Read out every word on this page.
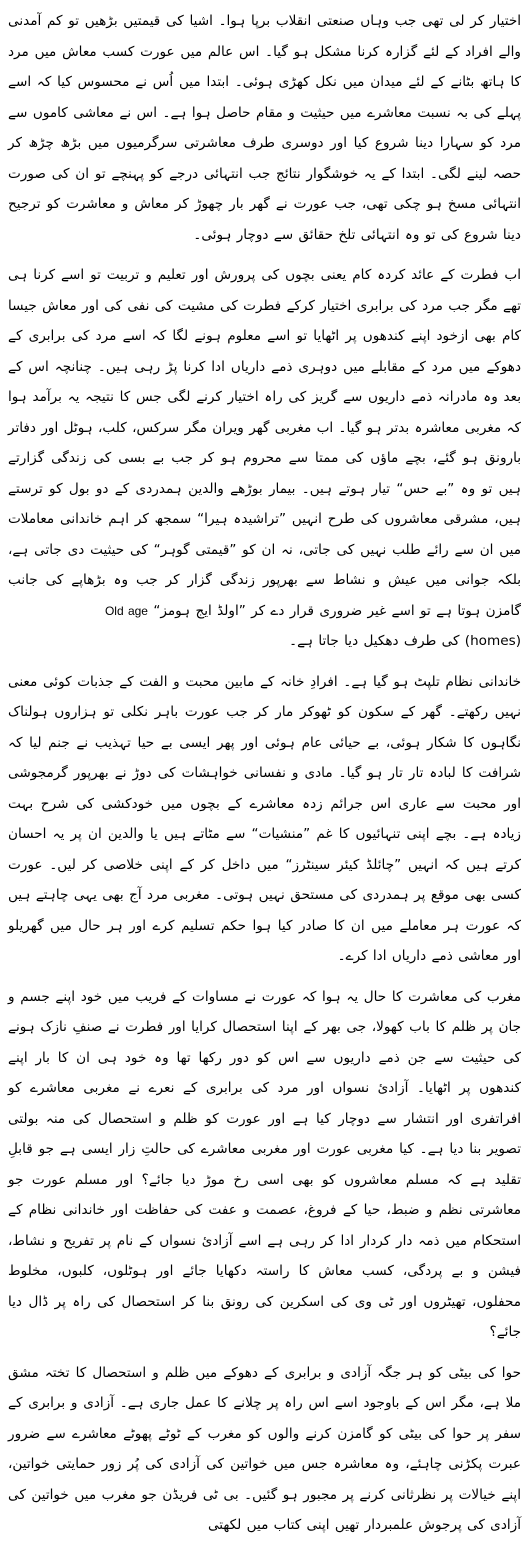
اختیار کر لی تھی جب وہاں صنعتی انقلاب برپا ہوا۔ اشیا کی قیمتیں بڑھیں تو کم آمدنی والے افراد کے لئے گزارہ کرنا مشکل ہو گیا۔ اس عالم میں عورت کسب معاش میں مرد کا ہاتھ بٹانے کے لئے میدان میں نکل کھڑی ہوئی۔ ابتدا میں اُس نے محسوس کیا کہ اسے پہلے کی بہ نسبت معاشرے میں حیثیت و مقام حاصل ہوا ہے۔ اس نے معاشی کاموں سے مرد کو سہارا دینا شروع کیا اور دوسری طرف معاشرتی سرگرمیوں میں بڑھ چڑھ کر حصہ لینے لگی۔ ابتدا کے یہ خوشگوار نتائج جب انتہائی درجے کو پہنچے تو ان کی صورت انتہائی مسخ ہو چکی تھی، جب عورت نے گھر بار چھوڑ کر معاش و معاشرت کو ترجیح دینا شروع کی تو وہ انتہائی تلخ حقائق سے دوچار ہوئی۔

اب فطرت کے عائد کردہ کام یعنی بچوں کی پرورش اور تعلیم و تربیت تو اسے کرنا ہی تھے مگر جب مرد کی برابری اختیار کرکے فطرت کی مشیت کی نفی کی اور معاش جیسا کام بھی ازخود اپنے کندھوں پر اٹھایا تو اسے معلوم ہونے لگا کہ اسے مرد کی برابری کے دھوکے میں مرد کے مقابلے میں دوہری ذمے داریاں ادا کرنا پڑ رہی ہیں۔ چنانچہ اس کے بعد وہ مادرانہ ذمے داریوں سے گریز کی راہ اختیار کرنے لگی جس کا نتیجہ یہ برآمد ہوا کہ مغربی معاشرہ بدتر ہو گیا۔ اب مغربی گھر ویران مگر سرکس، کلب، ہوٹل اور دفاتر بارونق ہو گئے، بچے ماؤں کی ممتا سے محروم ہو کر جب بے بسی کی زندگی گزارتے ہیں تو وہ ”بے حس“ تیار ہوتے ہیں۔ بیمار بوڑھے والدین ہمدردی کے دو بول کو ترستے ہیں، مشرقی معاشروں کی طرح انہیں ”تراشیدہ ہیرا“ سمجھ کر اہم خاندانی معاملات میں ان سے رائے طلب نہیں کی جاتی، نہ ان کو ”قیمتی گوہر“ کی حیثیت دی جاتی ہے، بلکہ جوانی میں عیش و نشاط سے بھرپور زندگی گزار کر جب وہ بڑھاپے کی جانب گامزن ہوتا ہے تو اسے غیر ضروری قرار دے کر ”اولڈ ایج ہومز“ Old age

(homes) کی طرف دھکیل دیا جاتا ہے۔

خاندانی نظام تلپٹ ہو گیا ہے۔ افرادِ خانہ کے مابین محبت و الفت کے جذبات کوئی معنی نہیں رکھتے۔ گھر کے سکون کو ٹھوکر مار کر جب عورت باہر نکلی تو ہزاروں ہولناک نگاہوں کا شکار ہوئی، بے حیائی عام ہوئی اور پھر ایسی بے حیا تہذیب نے جنم لیا کہ شرافت کا لبادہ تار تار ہو گیا۔ مادی و نفسانی خواہشات کی دوڑ نے بھرپور گرمجوشی اور محبت سے عاری اس جرائم زدہ معاشرے کے بچوں میں خودکشی کی شرح بہت زیادہ ہے۔ بچے اپنی تنہائیوں کا غم ”منشیات“ سے مٹاتے ہیں یا والدین ان پر یہ احسان کرتے ہیں کہ انہیں ”چائلڈ کیئر سینٹرز“ میں داخل کر کے اپنی خلاصی کر لیں۔ عورت کسی بھی موقع پر ہمدردی کی مستحق نہیں ہوتی۔ مغربی مرد آج بھی یہی چاہتے ہیں کہ عورت ہر معاملے میں ان کا صادر کیا ہوا حکم تسلیم کرے اور ہر حال میں گھریلو اور معاشی ذمے داریاں ادا کرے۔

مغرب کی معاشرت کا حال یہ ہوا کہ عورت نے مساوات کے فریب میں خود اپنے جسم و جان پر ظلم کا باب کھولا، جی بھر کے اپنا استحصال کرایا اور فطرت نے صنفِ نازک ہونے کی حیثیت سے جن ذمے داریوں سے اس کو دور رکھا تھا وہ خود ہی ان کا بار اپنے کندھوں پر اٹھایا۔ آزادیٔ نسواں اور مرد کی برابری کے نعرے نے مغربی معاشرے کو افراتفری اور انتشار سے دوچار کیا ہے اور عورت کو ظلم و استحصال کی منہ بولتی تصویر بنا دیا ہے۔ کیا مغربی عورت اور مغربی معاشرے کی حالتِ زار ایسی ہے جو قابلِ تقلید ہے کہ مسلم معاشروں کو بھی اسی رخ موڑ دیا جائے؟ اور مسلم عورت جو معاشرتی نظم و ضبط، حیا کے فروغ، عصمت و عفت کی حفاظت اور خاندانی نظام کے استحکام میں ذمہ دار کردار ادا کر رہی ہے اسے آزادیٔ نسواں کے نام پر تفریح و نشاط، فیشن و بے پردگی، کسب معاش کا راستہ دکھایا جائے اور ہوٹلوں، کلبوں، مخلوط محفلوں، تھیٹروں اور ٹی وی کی اسکرین کی رونق بنا کر استحصال کی راہ پر ڈال دیا جائے؟

حوا کی بیٹی کو ہر جگہ آزادی و برابری کے دھوکے میں ظلم و استحصال کا تختہ مشق ملا ہے، مگر اس کے باوجود اسے اس راہ پر چلانے کا عمل جاری ہے۔ آزادی و برابری کے سفر پر حوا کی بیٹی کو گامزن کرنے والوں کو مغرب کے ٹوٹے پھوٹے معاشرے سے ضرور عبرت پکڑنی چاہئے، وہ معاشرہ جس میں خواتین کی آزادی کی پُر زور حمایتی خواتین، اپنے خیالات پر نظرثانی کرنے پر مجبور ہو گئیں۔ بی ٹی فریڈن جو مغرب میں خواتین کی آزادی کی پرجوش علمبردار تھیں اپنی کتاب میں لکھتی
